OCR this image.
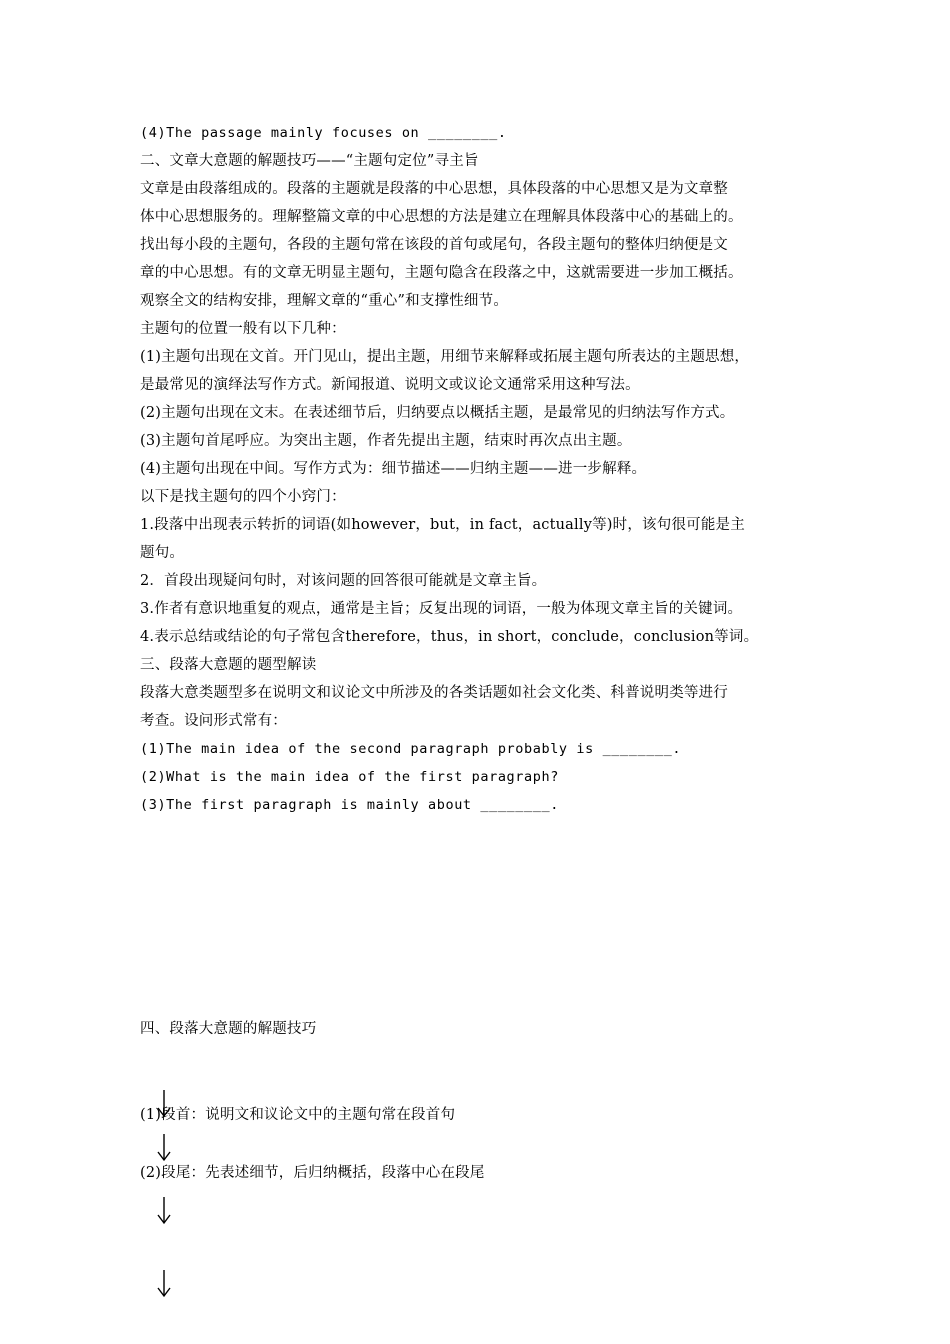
(4)The passage mainly focuses on ________.
二、文章大意题的解题技巧——“主题句定位”寻主旨
文章是由段落组成的。段落的主题就是段落的中心思想，具体段落的中心思想又是为文章整
体中心思想服务的。理解整篇文章的中心思想的方法是建立在理解具体段落中心的基础上的。
找出每小段的主题句，各段的主题句常在该段的首句或尾句，各段主题句的整体归纳便是文
章的中心思想。有的文章无明显主题句，主题句隐含在段落之中，这就需要进一步加工概括。
观察全文的结构安排，理解文章的“重心”和支撑性细节。
主题句的位置一般有以下几种：
(1)主题句出现在文首。开门见山，提出主题，用细节来解释或拓展主题句所表达的主题思想，
是最常见的演绎法写作方式。新闻报道、说明文或议论文通常采用这种写法。
(2)主题句出现在文末。在表述细节后，归纳要点以概括主题，是最常见的归纳法写作方式。
(3)主题句首尾呼应。为突出主题，作者先提出主题，结束时再次点出主题。
(4)主题句出现在中间。写作方式为：细节描述——归纳主题——进一步解释。
以下是找主题句的四个小窍门：
1.段落中出现表示转折的词语(如however，but，in fact，actually等)时，该句很可能是主
题句。
2．首段出现疑问句时，对该问题的回答很可能就是文章主旨。
3.作者有意识地重复的观点，通常是主旨；反复出现的词语，一般为体现文章主旨的关键词。
4.表示总结或结论的句子常包含therefore，thus，in short，conclude，conclusion等词。
三、段落大意题的题型解读
段落大意类题型多在说明文和议论文中所涉及的各类话题如社会文化类、科普说明类等进行
考查。设问形式常有：
(1)The main idea of the second paragraph probably is ________.
(2)What is the main idea of the first paragraph?
(3)The first paragraph is mainly about ________.
四、段落大意题的解题技巧
(1)段首：说明文和议论文中的主题句常在段首句
(2)段尾：先表述细节，后归纳概括，段落中心在段尾
